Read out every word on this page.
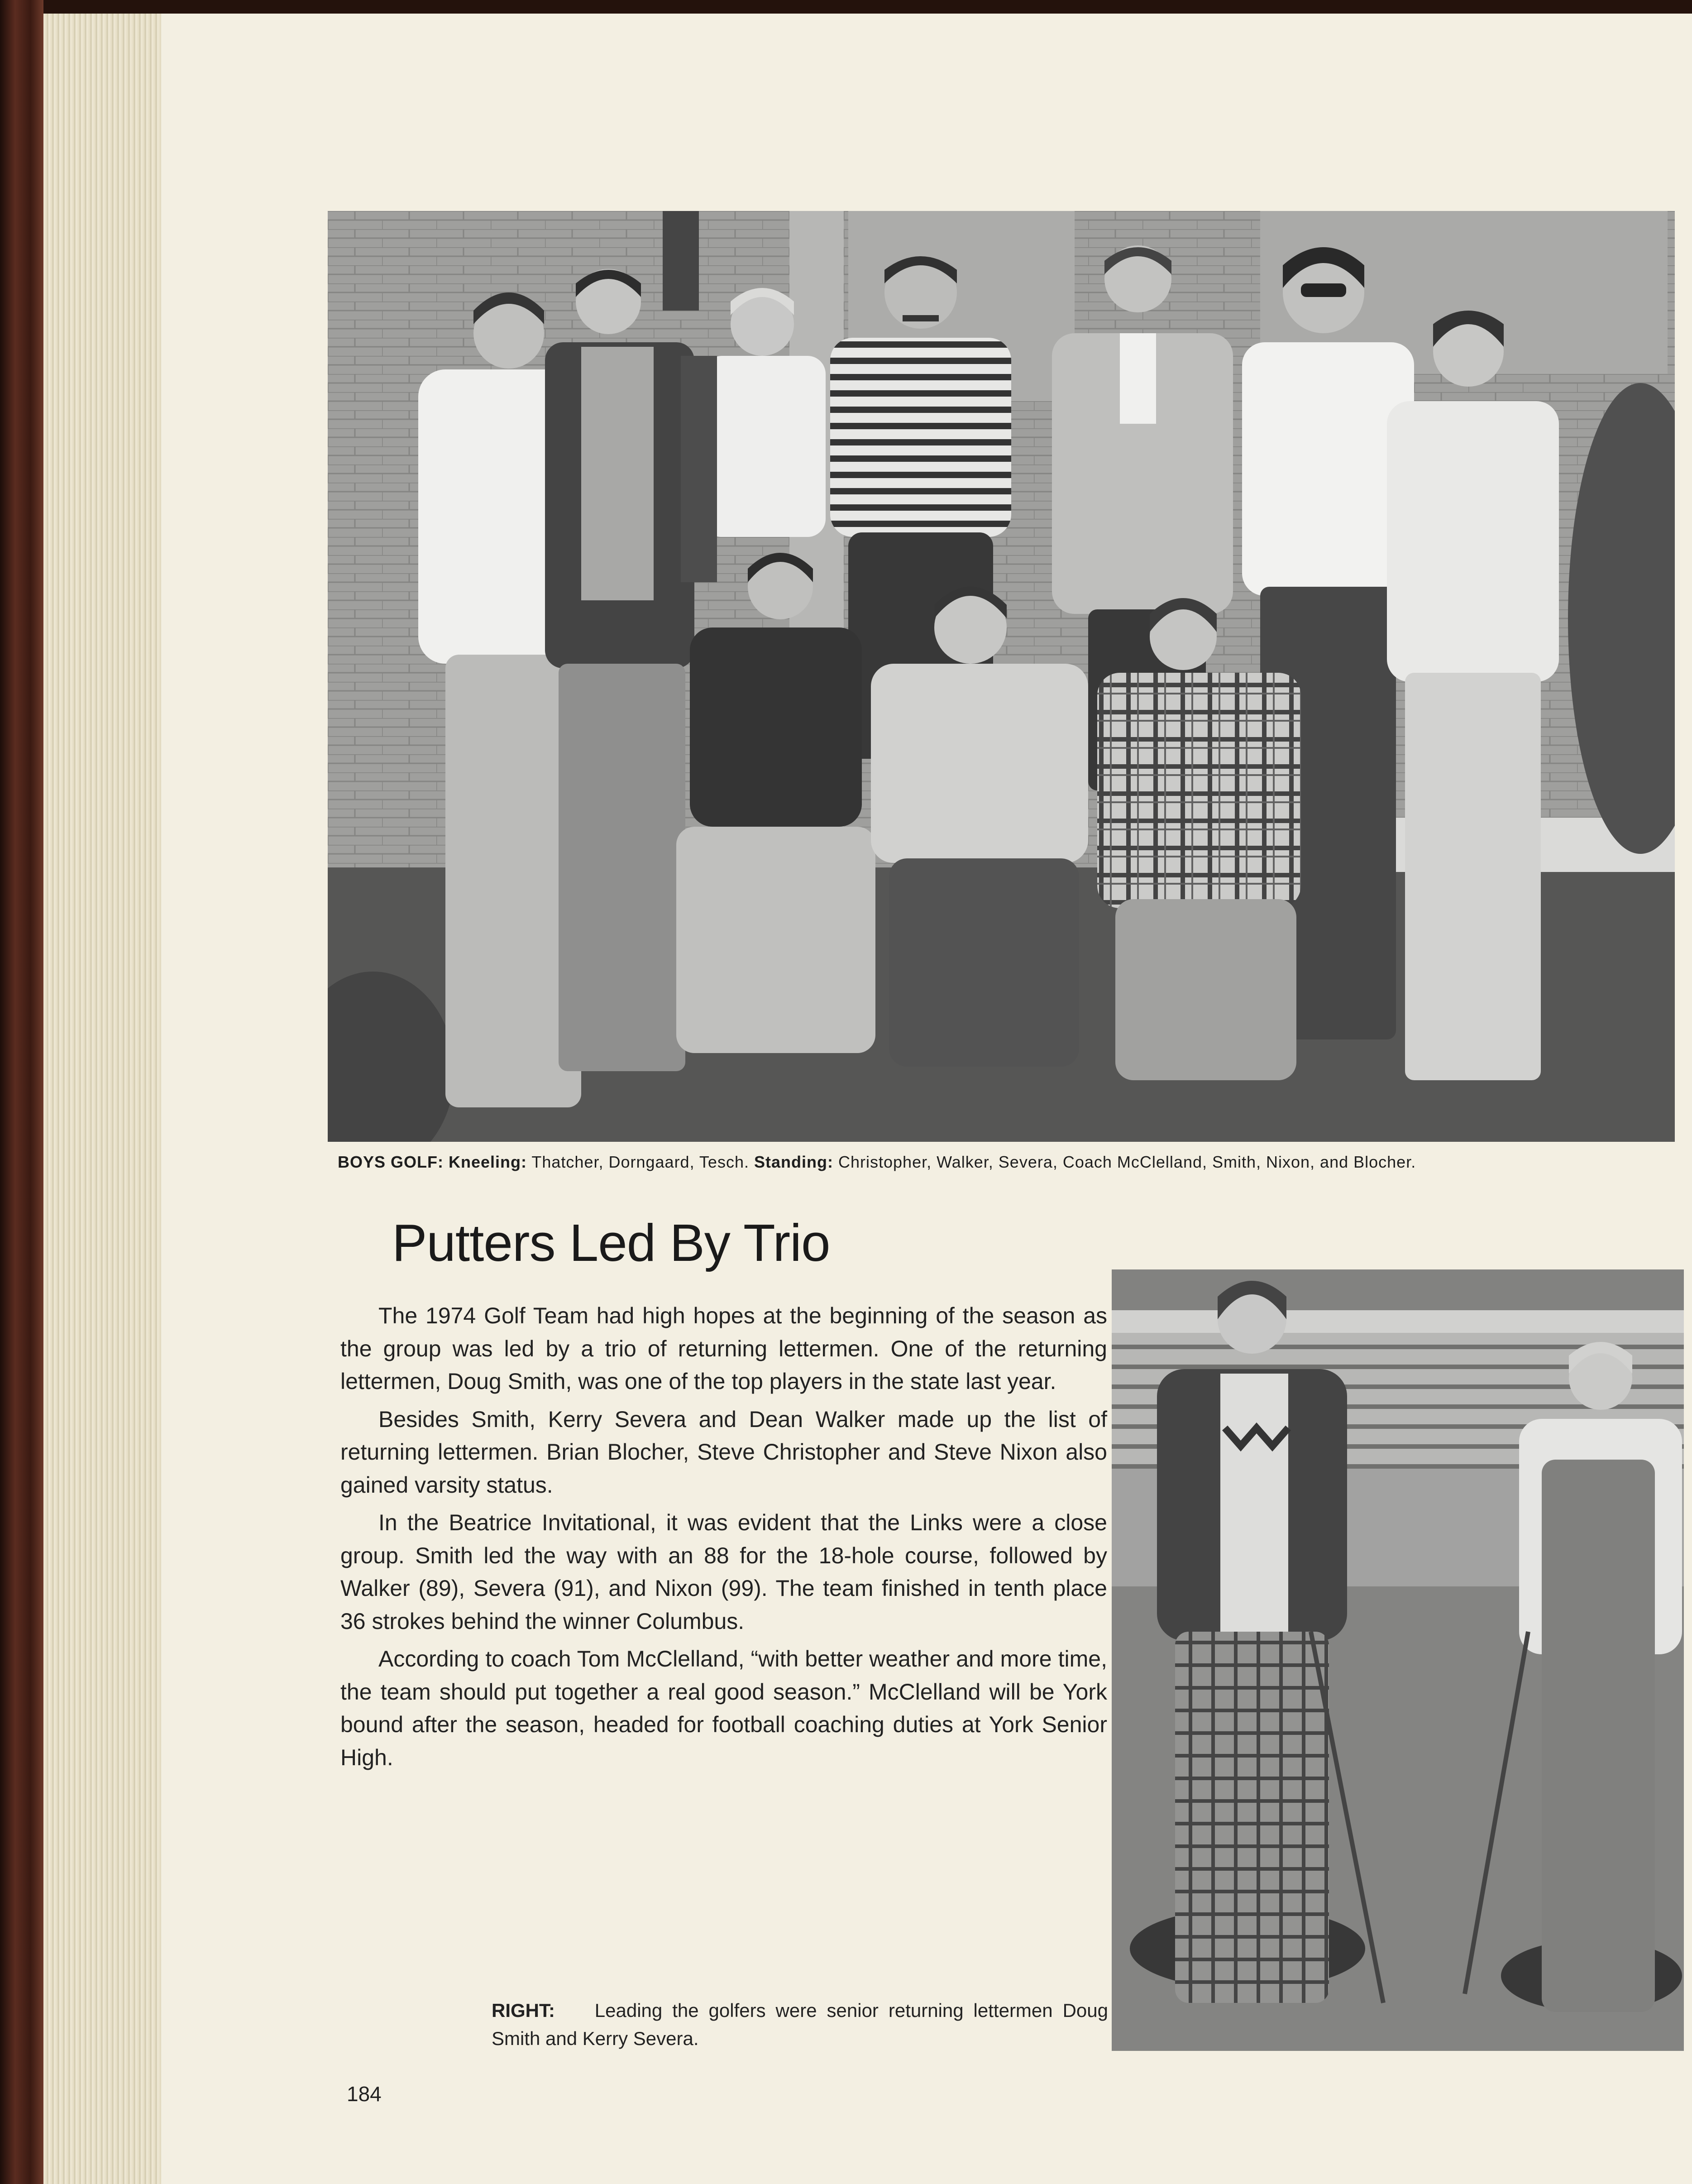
BOYS GOLF: Kneeling: Thatcher, Dorngaard, Tesch. Standing: Christopher, Walker, Severa, Coach McClelland, Smith, Nixon, and Blocher.
Putters Led By Trio

The 1974 Golf Team had high hopes at the beginning of the season as the group was led by a trio of returning lettermen. One of the returning lettermen, Doug Smith, was one of the top players in the state last year.

Besides Smith, Kerry Severa and Dean Walker made up the list of returning lettermen. Brian Blocher, Steve Christopher and Steve Nixon also gained varsity status.

In the Beatrice Invitational, it was evident that the Links were a close group. Smith led the way with an 88 for the 18-hole course, followed by Walker (89), Severa (91), and Nixon (99). The team finished in tenth place 36 strokes behind the winner Columbus.

According to coach Tom McClelland, “with better weather and more time, the team should put together a real good season.” McClelland will be York bound after the season, headed for football coaching duties at York Senior High.

RIGHT: Leading the golfers were senior returning lettermen Doug Smith and Kerry Severa.

184
